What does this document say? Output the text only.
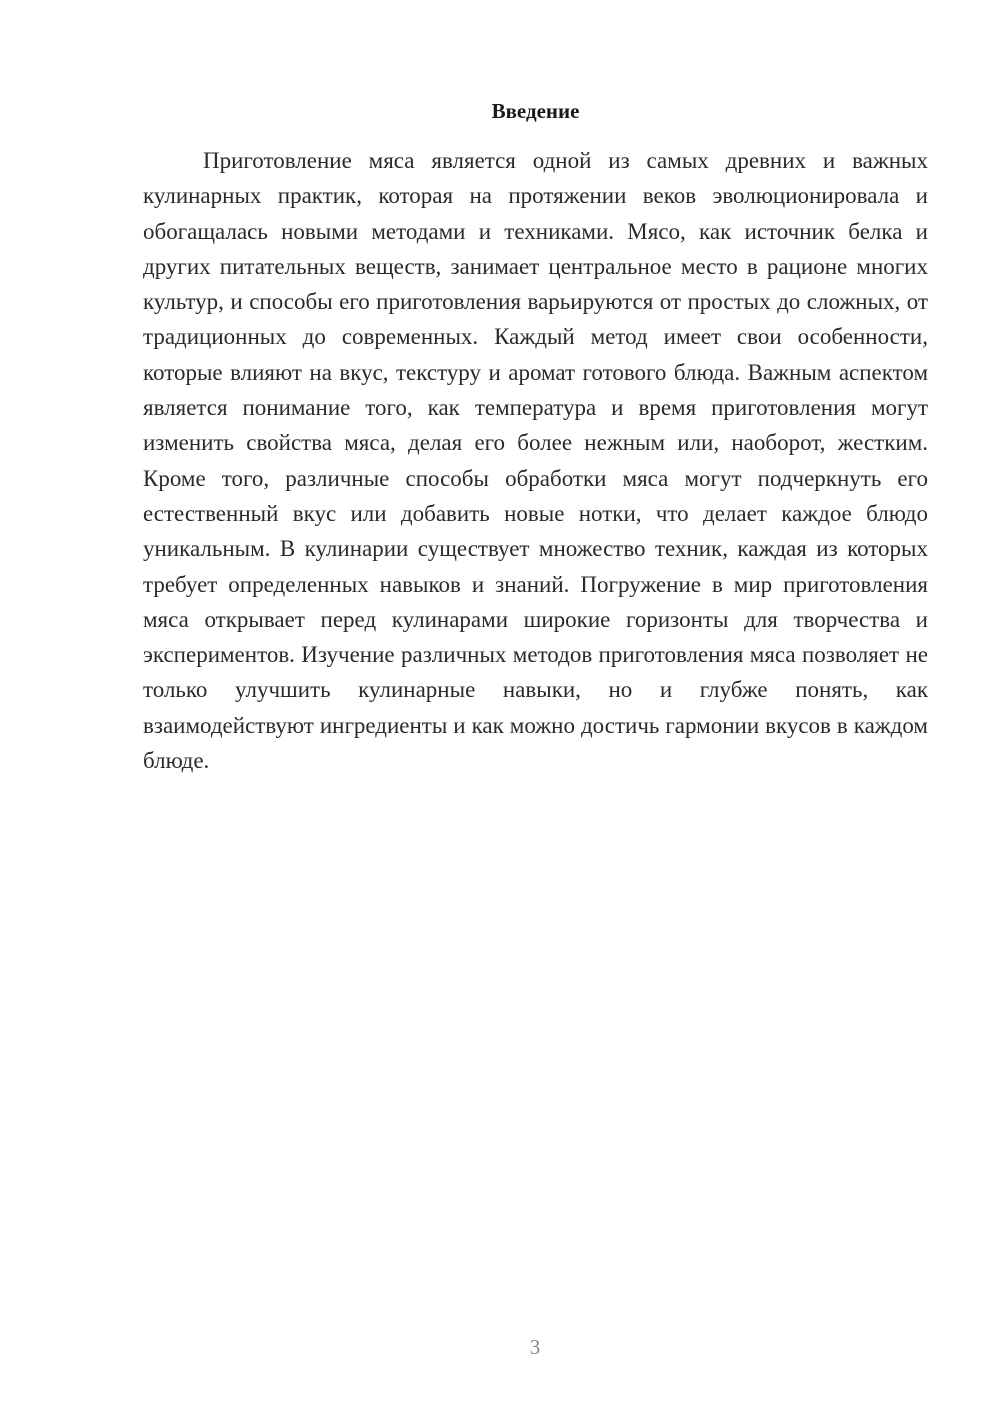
Введение

Приготовление мяса является одной из самых древних и важных кулинарных практик, которая на протяжении веков эволюционировала и обогащалась новыми методами и техниками. Мясо, как источник белка и других питательных веществ, занимает центральное место в рационе многих культур, и способы его приготовления варьируются от простых до сложных, от традиционных до современных. Каждый метод имеет свои особенности, которые влияют на вкус, текстуру и аромат готового блюда. Важным аспектом является понимание того, как температура и время приготовления могут изменить свойства мяса, делая его более нежным или, наоборот, жестким. Кроме того, различные способы обработки мяса могут подчеркнуть его естественный вкус или добавить новые нотки, что делает каждое блюдо уникальным. В кулинарии существует множество техник, каждая из которых требует определенных навыков и знаний. Погружение в мир приготовления мяса открывает перед кулинарами широкие горизонты для творчества и экспериментов. Изучение различных методов приготовления мяса позволяет не только улучшить кулинарные навыки, но и глубже понять, как взаимодействуют ингредиенты и как можно достичь гармонии вкусов в каждом блюде.

3
